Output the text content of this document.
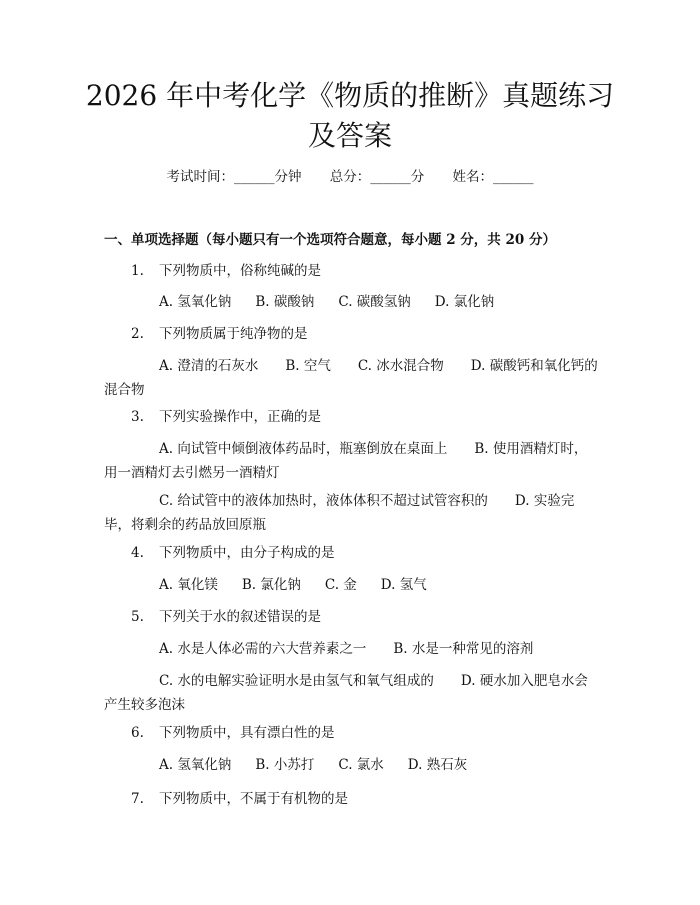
2026 年中考化学《物质的推断》真题练习及答案
考试时间：______分钟 总分：______分 姓名：______
一、单项选择题（每小题只有一个选项符合题意，每小题 2 分，共 20 分）
1. 下列物质中，俗称纯碱的是
A. 氢氧化钠 B. 碳酸钠 C. 碳酸氢钠 D. 氯化钠
2. 下列物质属于纯净物的是
A. 澄清的石灰水　　B. 空气　　C. 冰水混合物　　D. 碳酸钙和氧化钙的混合物
3. 下列实验操作中，正确的是
A. 向试管中倾倒液体药品时，瓶塞倒放在桌面上　　B. 使用酒精灯时，用一酒精灯去引燃另一酒精灯
C. 给试管中的液体加热时，液体体积不超过试管容积的　　D. 实验完毕，将剩余的药品放回原瓶
4. 下列物质中，由分子构成的是
A. 氧化镁 B. 氯化钠 C. 金 D. 氢气
5. 下列关于水的叙述错误的是
A. 水是人体必需的六大营养素之一　　B. 水是一种常见的溶剂
C. 水的电解实验证明水是由氢气和氧气组成的　　D. 硬水加入肥皂水会产生较多泡沫
6. 下列物质中，具有漂白性的是
A. 氢氧化钠 B. 小苏打 C. 氯水 D. 熟石灰
7. 下列物质中，不属于有机物的是
